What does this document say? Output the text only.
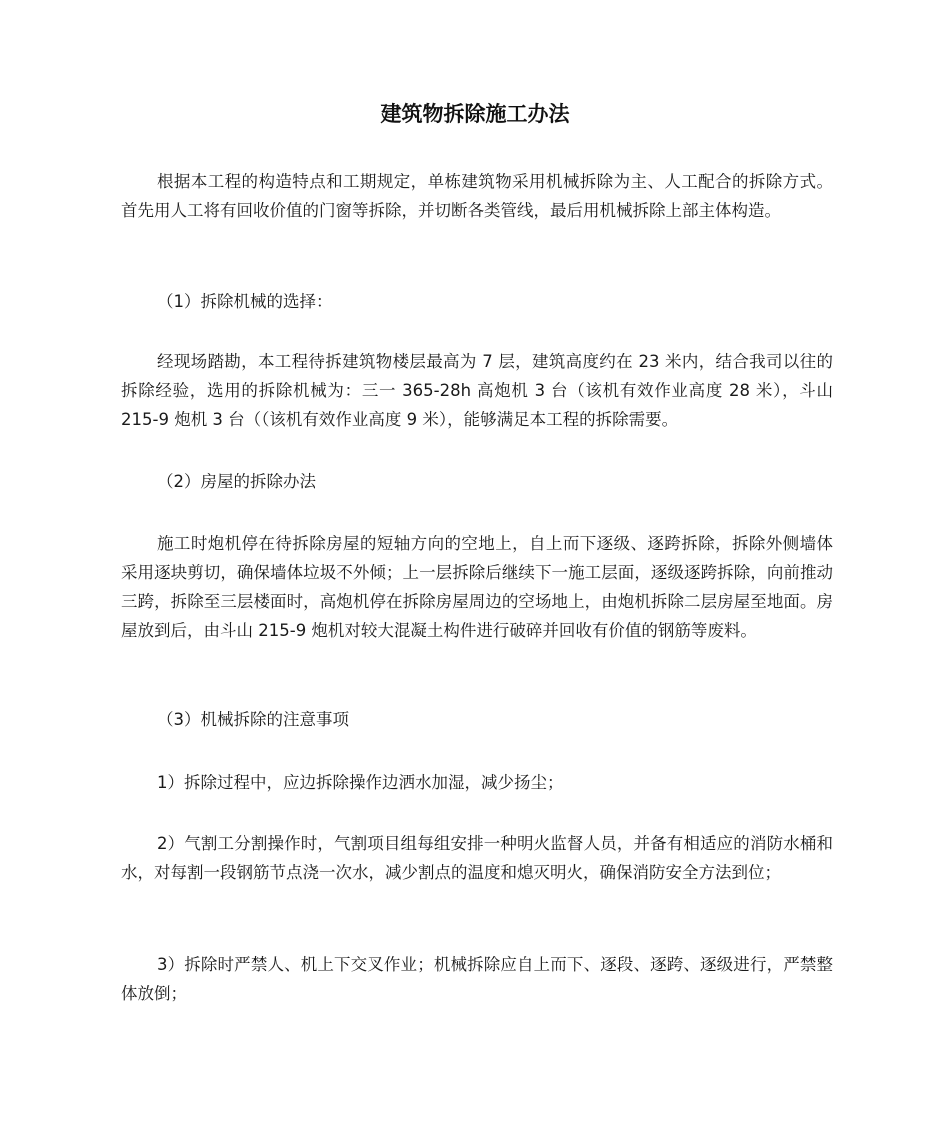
建筑物拆除施工办法

根据本工程的构造特点和工期规定，单栋建筑物采用机械拆除为主、人工配合的拆除方式。首先用人工将有回收价值的门窗等拆除，并切断各类管线，最后用机械拆除上部主体构造。

（1）拆除机械的选择：

经现场踏勘，本工程待拆建筑物楼层最高为 7 层，建筑高度约在 23 米内，结合我司以往的拆除经验，选用的拆除机械为：三一 365-28h 高炮机 3 台（该机有效作业高度 28 米），斗山 215-9 炮机 3 台（（该机有效作业高度 9 米），能够满足本工程的拆除需要。

（2）房屋的拆除办法

施工时炮机停在待拆除房屋的短轴方向的空地上，自上而下逐级、逐跨拆除，拆除外侧墙体采用逐块剪切，确保墙体垃圾不外倾；上一层拆除后继续下一施工层面，逐级逐跨拆除，向前推动三跨，拆除至三层楼面时，高炮机停在拆除房屋周边的空场地上，由炮机拆除二层房屋至地面。房屋放到后，由斗山 215-9 炮机对较大混凝土构件进行破碎并回收有价值的钢筋等废料。

（3）机械拆除的注意事项

1）拆除过程中，应边拆除操作边洒水加湿，减少扬尘；

2）气割工分割操作时，气割项目组每组安排一种明火监督人员，并备有相适应的消防水桶和水，对每割一段钢筋节点浇一次水，减少割点的温度和熄灭明火，确保消防安全方法到位；

3）拆除时严禁人、机上下交叉作业；机械拆除应自上而下、逐段、逐跨、逐级进行，严禁整体放倒；
